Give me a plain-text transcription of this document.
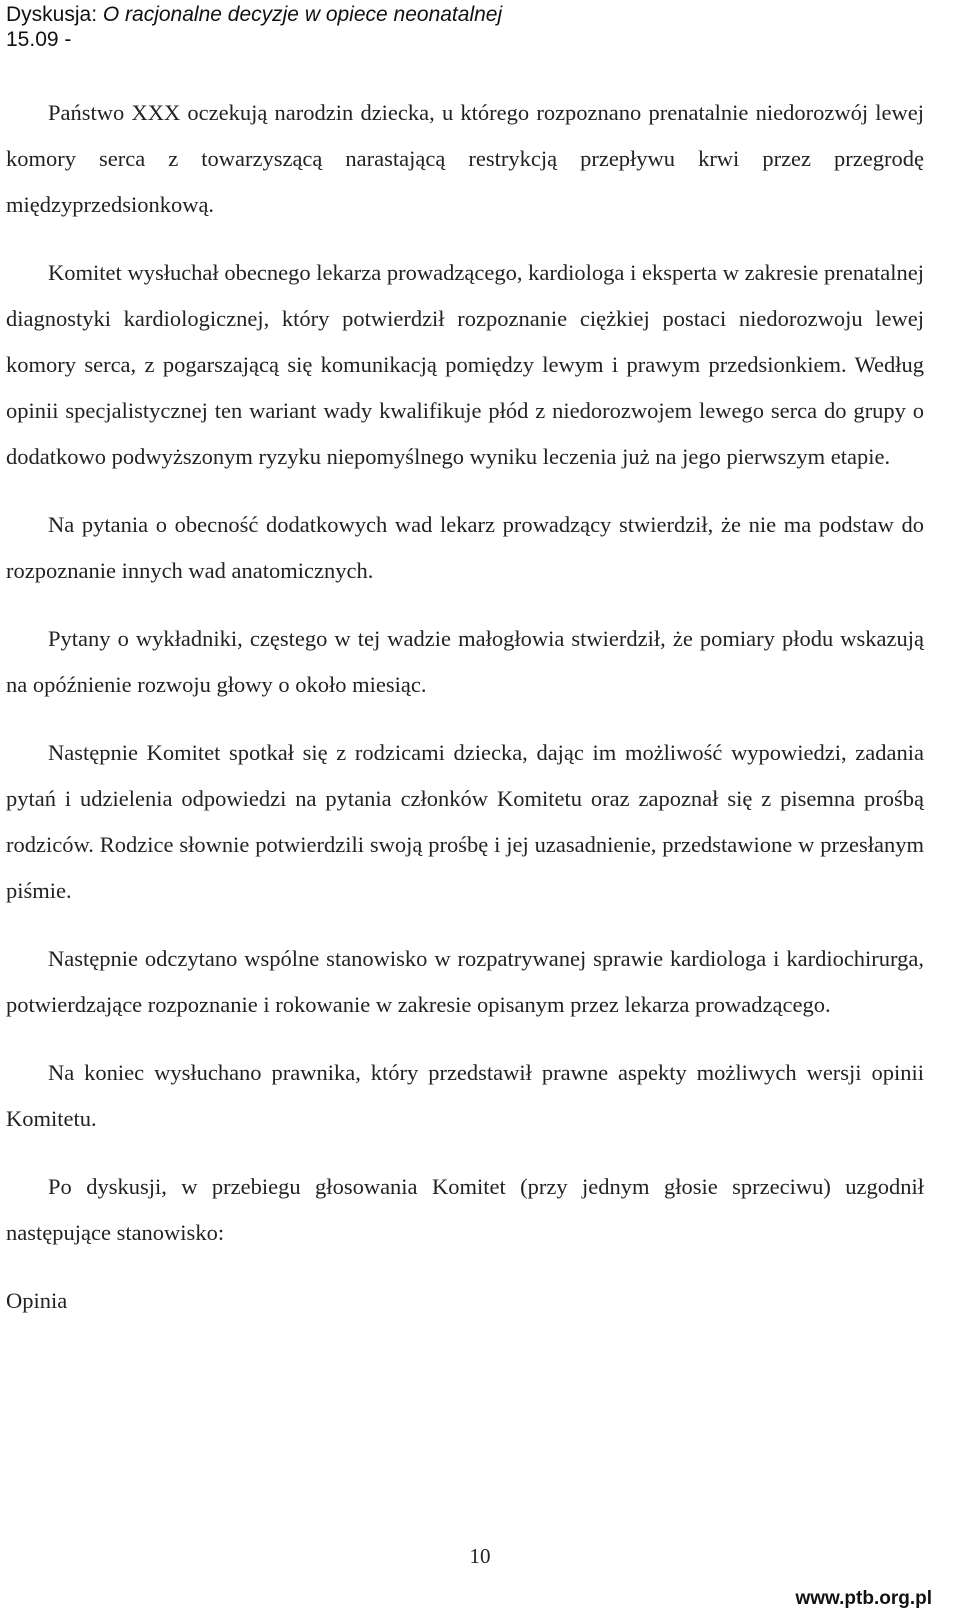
Dyskusja: O racjonalne decyzje w opiece neonatalnej
15.09 -

Państwo XXX oczekują narodzin dziecka, u którego rozpoznano prenatalnie niedorozwój lewej komory serca z towarzyszącą narastającą restrykcją przepływu krwi przez przegrodę międzyprzedsionkową.

Komitet wysłuchał obecnego lekarza prowadzącego, kardiologa i eksperta w zakresie prenatalnej diagnostyki kardiologicznej, który potwierdził rozpoznanie ciężkiej postaci niedorozwoju lewej komory serca, z pogarszającą się komunikacją pomiędzy lewym i prawym przedsionkiem. Według opinii specjalistycznej ten wariant wady kwalifikuje płód z niedorozwojem lewego serca do grupy o dodatkowo podwyższonym ryzyku niepomyślnego wyniku leczenia już na jego pierwszym etapie.

Na pytania o obecność dodatkowych wad lekarz prowadzący stwierdził, że nie ma podstaw do rozpoznanie innych wad anatomicznych.

Pytany o wykładniki, częstego w tej wadzie małogłowia stwierdził, że pomiary płodu wskazują na opóźnienie rozwoju głowy o około miesiąc.

Następnie Komitet spotkał się z rodzicami dziecka, dając im możliwość wypowiedzi, zadania pytań i udzielenia odpowiedzi na pytania członków Komitetu oraz zapoznał się z pisemna prośbą rodziców. Rodzice słownie potwierdzili swoją prośbę i jej uzasadnienie, przedstawione w przesłanym piśmie.

Następnie odczytano wspólne stanowisko w rozpatrywanej sprawie kardiologa i kardiochirurga, potwierdzające rozpoznanie i rokowanie w zakresie opisanym przez lekarza prowadzącego.

Na koniec wysłuchano prawnika, który przedstawił prawne aspekty możliwych wersji opinii Komitetu.

Po dyskusji, w przebiegu głosowania Komitet (przy jednym głosie sprzeciwu) uzgodnił następujące stanowisko:

Opinia

10
www.ptb.org.pl
